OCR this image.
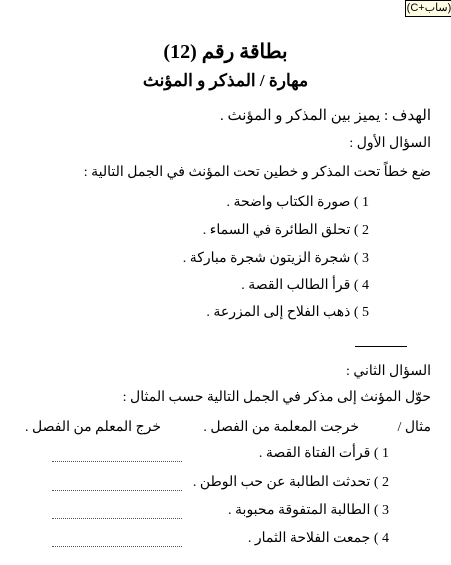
(ساب+C)
بطاقة رقم (12)
مهارة / المذكر و المؤنث
الهدف : يميز بين المذكر و المؤنث .
السؤال الأول :
ضع خطاً تحت المذكر و خطين تحت المؤنث في الجمل التالية :
1 ) صورة الكتاب واضحة .
2 ) تحلق الطائرة في السماء .
3 ) شجرة الزيتون شجرة مباركة .
4 ) قرأ الطالب القصة .
5 ) ذهب الفلاح إلى المزرعة .
السؤال الثاني :
حوّل المؤنث إلى مذكر في الجمل التالية حسب المثال :
مثال /
خرجت المعلمة من الفصل .
خرج المعلم من الفصل .
1 ) قرأت الفتاة القصة .
2 ) تحدثت الطالبة عن حب الوطن .
3 ) الطالبة المتفوقة محبوبة .
4 ) جمعت الفلاحة الثمار .
